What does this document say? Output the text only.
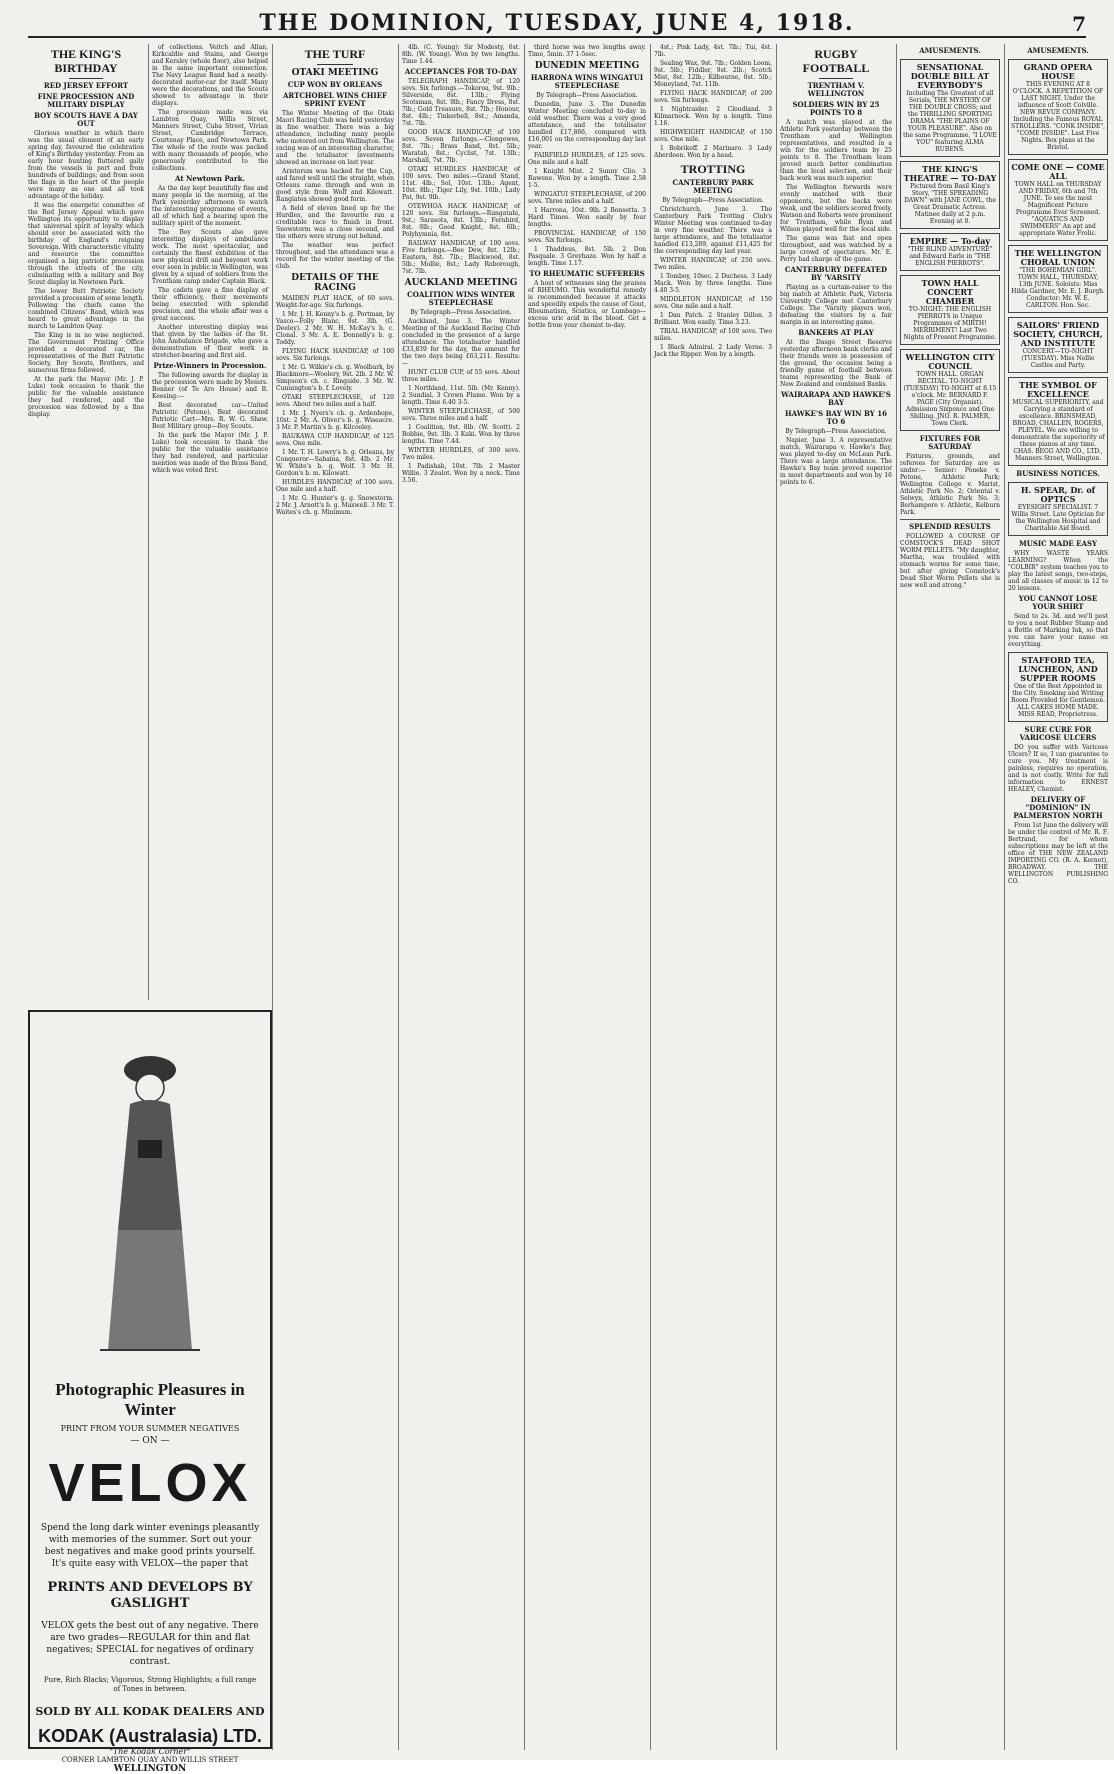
THE DOMINION, TUESDAY, JUNE 4, 1918.	7
THE KING'S BIRTHDAY
RED JERSEY EFFORT
FINE PROCESSION AND MILITARY DISPLAY
BOY SCOUTS HAVE A DAY OUT

Glorious weather in which there was the usual element of an early spring day, favoured the celebration of King's Birthday yesterday. From an early hour bunting fluttered gaily from the vessels in port and from hundreds of buildings; and from soon the flags in the heart of the people were many as one and all took advantage of the holiday.

It was the energetic committee of the Red Jersey Appeal which gave Wellington its opportunity to display that universal spirit of loyalty which should ever be associated with the birthday of England's reigning Sovereign. With characteristic vitality and resource the committee organised a big patriotic procession through the streets of the city, culminating with a military and Boy Scout display in Newtown Park.

The lower Butt Patriotic Society provided a procession of some length. Following the chiefs came the combined Citizens' Band, which was heard to great advantage in the march to Lambton Quay.

The King is in no wise neglected. The Government Printing Office provided a decorated car, the representatives of the Butt Patriotic Society, Boy Scouts, Brothers, and numerous firms followed.

At the park the Mayor (Mr. J. P. Luke) took occasion to thank the public for the valuable assistance they had rendered, and the procession was followed by a fine display.

of collections. Veitch and Allan, Kirkcaldie and Stains, and George and Kersley (whole floor), also helped in the same important connection. The Navy League Band had a neatly-decorated motor-car for itself. Many were the decorations, and the Scouts showed to advantage in their displays.

The procession made was via Lambton Quay, Willis Street, Manners Street, Cuba Street, Vivian Street, Cambridge Terrace, Courtenay Place, and Newtown Park. The whole of the route was packed with many thousands of people, who generously contributed to the collections.

At Newtown Park.

As the day kept beautifully fine and many people in the morning, at the Park yesterday afternoon to watch the interesting programme of events, all of which had a bearing upon the military spirit of the moment.

The Boy Scouts also gave interesting displays of ambulance work. The most spectacular, and certainly the finest exhibition of the new physical drill and bayonet work ever seen in public in Wellington, was given by a squad of soldiers from the Trentham camp under Captain Black.

The cadets gave a fine display of their efficiency, their movements being executed with splendid precision, and the whole affair was a great success.

Another interesting display was that given by the ladies of the St. John Ambulance Brigade, who gave a demonstration of their work in stretcher-bearing and first aid.

Prize-Winners in Procession.

The following awards for display in the procession were made by Messrs. Bonner (of Te Aro House) and B. Keesing:—

Best decorated car—United Patriotic (Petone). Best decorated Patriotic Cart—Mrs. R. W. G. Shaw. Best Military group—Boy Scouts.

In the park the Mayor (Mr. J. P. Luke) took occasion to thank the public for the valuable assistance they had rendered, and particular mention was made of the Brass Band, which was voted first.

Photographic Pleasures in Winter
PRINT FROM YOUR SUMMER NEGATIVES
— ON —
VELOX
Spend the long dark winter evenings pleasantly with memories of the summer. Sort out your best negatives and make good prints yourself. It's quite easy with VELOX—the paper that
PRINTS AND DEVELOPS BY GASLIGHT
VELOX gets the best out of any negative. There are two grades—REGULAR for thin and flat negatives; SPECIAL for negatives of ordinary contrast.
Pure, Rich Blacks; Vigorous, Strong Highlights; a full range of Tones in between.
SOLD BY ALL KODAK DEALERS AND
KODAK (Australasia) LTD.
"The Kodak Corner"
CORNER LAMBTON QUAY AND WILLIS STREET
WELLINGTON
THE TURF
OTAKI MEETING
CUP WON BY ORLEANS
ARTCHOBEL WINS CHIEF SPRINT EVENT

The Winter Meeting of the Otaki Maori Racing Club was held yesterday in fine weather. There was a big attendance, including many people who motored out from Wellington. The racing was of an interesting character, and the totalisator investments showed an increase on last year.

Aristorum was backed for the Cup, and fared well until the straight, when Orleans came through and won in good style from Wolf and Kilowatt. Rangiatea showed good form.

A field of eleven lined up for the Hurdles, and the favourite ran a creditable race to finish in front. Snowstorm was a close second, and the others were strung out behind.

The weather was perfect throughout, and the attendance was a record for the winter meeting of the club.

DETAILS OF THE RACING

MAIDEN PLAT HACK, of 60 sovs. Weight-for-age. Six furlongs.

1 Mr. J. H. Kenny's b. g. Portman, by Vasco—Folly Blanc, 9st. 3lb. (G. Deeley). 2 Mr. W. H. McKay's b. c. Clonal. 3 Mr. A. E. Donnelly's b. g. Toddy.

FLYING HACK HANDICAP, of 100 sovs. Six furlongs.

1 Mr. G. Wilkie's ch. g. Woolbark, by Blackmore—Woolery, 9st. 2lb. 2 Mr. W. Simpson's ch. c. Ringside. 3 Mr. W. Cunnington's b. f. Lovely.

OTAKI STEEPLECHASE, of 120 sovs. About two miles and a half.

1 Mr. J. Nyers's ch. g. Ardenhope, 10st. 2 Mr. A. Oliver's b. g. Wiseacre. 3 Mr. P. Martin's b. g. Kilcooley.

RAUKAWA CUP HANDICAP, of 125 sovs. One mile.

1 Mr. T. H. Lowry's b. g. Orleans, by Conqueror—Sabaina, 8st. 4lb. 2 Mr. W. White's b. g. Wolf. 3 Mr. H. Gordon's b. m. Kilowatt.

HURDLES HANDICAP, of 100 sovs. One mile and a half.

1 Mr. G. Hunter's g. g. Snowstorm. 2 Mr. J. Arnott's b. g. Maxwell. 3 Mr. T. Waites's ch. g. Minimum.

4lb. (C. Young); Sir Modesty, 6st. 8lb. (W. Young). Won by two lengths. Time 1.44.

ACCEPTANCES FOR TO-DAY

TELEGRAPH HANDICAP, of 120 sovs. Six furlongs.—Tokoroa, 9st. 9lb.; Silverside, 8st. 13lb.; Flying Scotsman, 8st. 9lb.; Fancy Dress, 8st. 7lb.; Gold Treasure, 8st. 7lb.; Honour, 8st. 4lb.; Tinkerbell, 8st.; Amanda, 7st. 7lb.

GOOD HACK HANDICAP, of 100 sovs. Seven furlongs.—Clongowes, 8st. 7lb.; Brass Band, 8st. 5lb.; Waratah, 8st.; Cyclist, 7st. 13lb.; Marshall, 7st. 7lb.

OTAKI HURDLES HANDICAP, of 100 sovs. Two miles.—Grand Stand, 11st. 4lb.; Sol, 10st. 13lb.; Agent, 10st. 8lb.; Tiger Lily, 9st. 10lb.; Lady Pat, 9st. 9lb.

OTEWHOA HACK HANDICAP, of 120 sovs. Six furlongs.—Rangatahi, 9st.; Sarasota, 8st. 13lb.; Fernbird, 8st. 9lb.; Good Knight, 8st. 6lb.; Polyhymnia, 8st.

RAILWAY HANDICAP, of 100 sovs. Five furlongs.—Bee Dew, 8st. 12lb.; Eastern, 8st. 7lb.; Blackwood, 8st. 5lb.; Mollie, 8st.; Lady Roborough, 7st. 7lb.

AUCKLAND MEETING
COALITION WINS WINTER STEEPLECHASE

By Telegraph—Press Association.

Auckland, June 3. The Winter Meeting of the Auckland Racing Club concluded in the presence of a large attendance. The totalisator handled £33,839 for the day, the amount for the two days being £63,211. Results:—

HUNT CLUB CUP, of 55 sovs. About three miles.

1 Northland, 11st. 5lb. (Mr. Kenny). 2 Sundial. 3 Crown Plume. Won by a length. Time 6.40 3-5.

WINTER STEEPLECHASE, of 500 sovs. Three miles and a half.

1 Coalition, 9st. 8lb. (W. Scott). 2 Bobbie, 9st. 3lb. 3 Kuki. Won by three lengths. Time 7.44.

WINTER HURDLES, of 300 sovs. Two miles.

1 Padishah, 10st. 7lb. 2 Master Willie. 3 Zealot. Won by a neck. Time 3.56.

third horse was two lengths away. Time, 5min. 37 1-5sec.

DUNEDIN MEETING
HARRONA WINS WINGATUI STEEPLECHASE

By Telegraph—Press Association.

Dunedin, June 3. The Dunedin Winter Meeting concluded to-day in cold weather. There was a very good attendance, and the totalisator handled £17,866, compared with £16,001 on the corresponding day last year.

FAIRFIELD HURDLES, of 125 sovs. One mile and a half.

1 Knight Mist. 2 Sunny Clio. 3 Rawene. Won by a length. Time 2.58 1-5.

WINGATUI STEEPLECHASE, of 200 sovs. Three miles and a half.

1 Harrona, 10st. 9lb. 2 Bonsetta. 3 Hard Times. Won easily by four lengths.

PROVINCIAL HANDICAP, of 150 sovs. Six furlongs.

1 Thaddeus, 8st. 5lb. 2 Don Pasquale. 3 Greyhaze. Won by half a length. Time 1.17.

TO RHEUMATIC SUFFERERS

A host of witnesses sing the praises of RHEUMO. This wonderful remedy is recommended because it attacks and speedily expels the cause of Gout, Rheumatism, Sciatica, or Lumbago—excess uric acid in the blood. Get a bottle from your chemist to-day.

4st.; Pink Lady, 4st. 7lb.; Tui, 4st. 7lb.

Sealing Wax, 9st. 7lb.; Golden Loom, 9st. 5lb.; Fiddler, 9st. 2lb.; Scotch Mist, 8st. 12lb.; Kilbourne, 8st. 5lb.; Moneyland, 7st. 11lb.

FLYING HACK HANDICAP, of 200 sovs. Six furlongs.

1 Nightraider. 2 Cloudland. 3 Kilmarnock. Won by a length. Time 1.16.

HIGHWEIGHT HANDICAP, of 150 sovs. One mile.

1 Bobrikoff. 2 Marinaro. 3 Lady Aberdeen. Won by a head.

TROTTING
CANTERBURY PARK MEETING

By Telegraph—Press Association.

Christchurch, June 3. The Canterbury Park Trotting Club's Winter Meeting was continued to-day in very fine weather. There was a large attendance, and the totalisator handled £13,289, against £11,425 for the corresponding day last year.

WINTER HANDICAP, of 250 sovs. Two miles.

1 Tomboy, 10sec. 2 Duchess. 3 Lady Mack. Won by three lengths. Time 4.40 3-5.

MIDDLETON HANDICAP, of 150 sovs. One mile and a half.

1 Dan Patch. 2 Stanley Dillon. 3 Brilliant. Won easily. Time 3.23.

TRIAL HANDICAP, of 100 sovs. Two miles.

1 Black Admiral. 2 Lady Verne. 3 Jack the Ripper. Won by a length.

RUGBY FOOTBALL
TRENTHAM V. WELLINGTON
SOLDIERS WIN BY 25 POINTS TO 8

A match was played at the Athletic Park yesterday between the Trentham and Wellington representatives, and resulted in a win for the soldiers team by 25 points to 8. The Trentham team proved much better combination than the local selection, and their back work was much superior.

The Wellington forwards were evenly matched with their opponents, but the backs were weak, and the soldiers scored freely. Watson and Roberts were prominent for Trentham, while Ryan and Wilson played well for the local side.

The game was fast and open throughout, and was watched by a large crowd of spectators. Mr. E. Perry had charge of the game.

CANTERBURY DEFEATED BY 'VARSITY

Playing as a curtain-raiser to the big match at Athletic Park, Victoria University College met Canterbury College. The 'Varsity players won, defeating the visitors by a fair margin in an interesting game.

BANKERS AT PLAY

At the Dasgo Street Reserve yesterday afternoon bank clerks and their friends were in possession of the ground, the occasion being a friendly game of football between teams representing the Bank of New Zealand and combined Banks.

WAIRARAPA AND HAWKE'S BAY
HAWKE'S BAY WIN BY 16 TO 6

By Telegraph—Press Association.

Napier, June 3. A representative match, Wairarapa v. Hawke's Bay, was played to-day on McLean Park. There was a large attendance. The Hawke's Bay team proved superior in most departments and won by 16 points to 6.

AMUSEMENTS.
SENSATIONAL DOUBLE BILL AT EVERYBODY'S
Including The Greatest of all Serials, THE MYSTERY OF THE DOUBLE CROSS; and the THRILLING SPORTING DRAMA "THE PLAINS OF YOUR PLEASURE". Also on the same Programme, "I LOVE YOU" featuring ALMA RUBENS.
THE KING'S THEATRE — TO-DAY
Pictured from Basil King's Story, "THE SPREADING DAWN" with JANE COWL, the Great Dramatic Actress. Matinee daily at 2 p.m. Evening at 8.
EMPIRE — To-day
"THE BLIND ADVENTURE" and Edward Earle in "THE ENGLISH PIERROTS".
TOWN HALL CONCERT CHAMBER
TO-NIGHT: THE ENGLISH PIERROTS in Unique Programmes of MIRTH! MERRIMENT! Last Two Nights of Present Programme.
WELLINGTON CITY COUNCIL
TOWN HALL. ORGAN RECITAL. TO-NIGHT (TUESDAY) TO-NIGHT at 8.15 o'clock. Mr. BERNARD F. PAGE (City Organist). Admission Sixpence and One Shilling. JNO. R. PALMER, Town Clerk.
FIXTURES FOR SATURDAY

Fixtures, grounds, and referees for Saturday are as under:— Senior: Poneke v. Petone, Athletic Park; Wellington College v. Marist, Athletic Park No. 2; Oriental v. Selwyn, Athletic Park No. 3; Berhampore v. Athletic, Kelburn Park.

SPLENDID RESULTS

FOLLOWED A COURSE OF COMSTOCK'S DEAD SHOT WORM PELLETS. "My daughter, Martha, was troubled with stomach worms for some time, but after giving Comstock's Dead Shot Worm Pellets she is now well and strong."

AMUSEMENTS.
GRAND OPERA HOUSE
THIS EVENING AT 8 O'CLOCK. A REPETITION OF LAST NIGHT. Under the influence of Scott Colville. NEW REVUE COMPANY. Including the Famous ROYAL STROLLERS. "CONK INSIDE", "COME INSIDE". Last Five Nights. Box plans at the Bristol.
COME ONE — COME ALL
TOWN HALL on THURSDAY AND FRIDAY, 6th and 7th JUNE. To see the most Magnificent Picture Programme Ever Screened. "AQUATICS AND SWIMMERS" An apt and appropriate Water Frolic.
THE WELLINGTON CHORAL UNION
"THE BOHEMIAN GIRL". TOWN HALL, THURSDAY, 13th JUNE. Soloists: Miss Hilda Gardner, Mr. E. J. Burgh. Conductor: Mr. W. E. CARLTON. Hon. Sec.
SAILORS' FRIEND SOCIETY, CHURCH, AND INSTITUTE
CONCERT—TO-NIGHT (TUESDAY). Miss Nellie Castles and Party.
THE SYMBOL OF EXCELLENCE
MUSICAL SUPERIORITY, and Carrying a standard of excellence. BRINSMEAD, BROAD, CHALLEN, ROGERS, PLEYEL. We are willing to demonstrate the superiority of these pianos at any time. CHAS. BEGG AND CO., LTD., Manners Street, Wellington.
BUSINESS NOTICES.
H. SPEAR, Dr. of OPTICS
EYESIGHT SPECIALIST. 7 Willis Street. Late Optician for the Wellington Hospital and Charitable Aid Board.
MUSIC MADE EASY

WHY WASTE YEARS LEARNING? When the "COLBIR" system teaches you to play the latest songs, two-steps, and all classes of music in 12 to 20 lessons.

YOU CANNOT LOSE YOUR SHIRT

Send to 2s. 3d. and we'll post to you a neat Rubber Stamp and a Bottle of Marking Ink, so that you can have your name on everything.

STAFFORD TEA, LUNCHEON, AND SUPPER ROOMS
One of the Best Appointed in the City. Smoking and Writing Room Provided for Gentlemen. ALL CAKES HOME MADE. MISS READ, Proprietress.
SURE CURE FOR VARICOSE ULCERS

DO you suffer with Varicose Ulcers? If so, I can guarantee to cure you. My treatment is painless, requires no operation, and is not costly. Write for full information to ERNEST HEALEY, Chemist.

DELIVERY OF "DOMINION" IN PALMERSTON NORTH

From 1st June the delivery will be under the control of Mr. R. F. Bertrand, for whom subscriptions may be left at the office of THE NEW ZEALAND IMPORTING CO. (R. A. Kernot), BROADWAY. THE WELLINGTON PUBLISHING CO.
